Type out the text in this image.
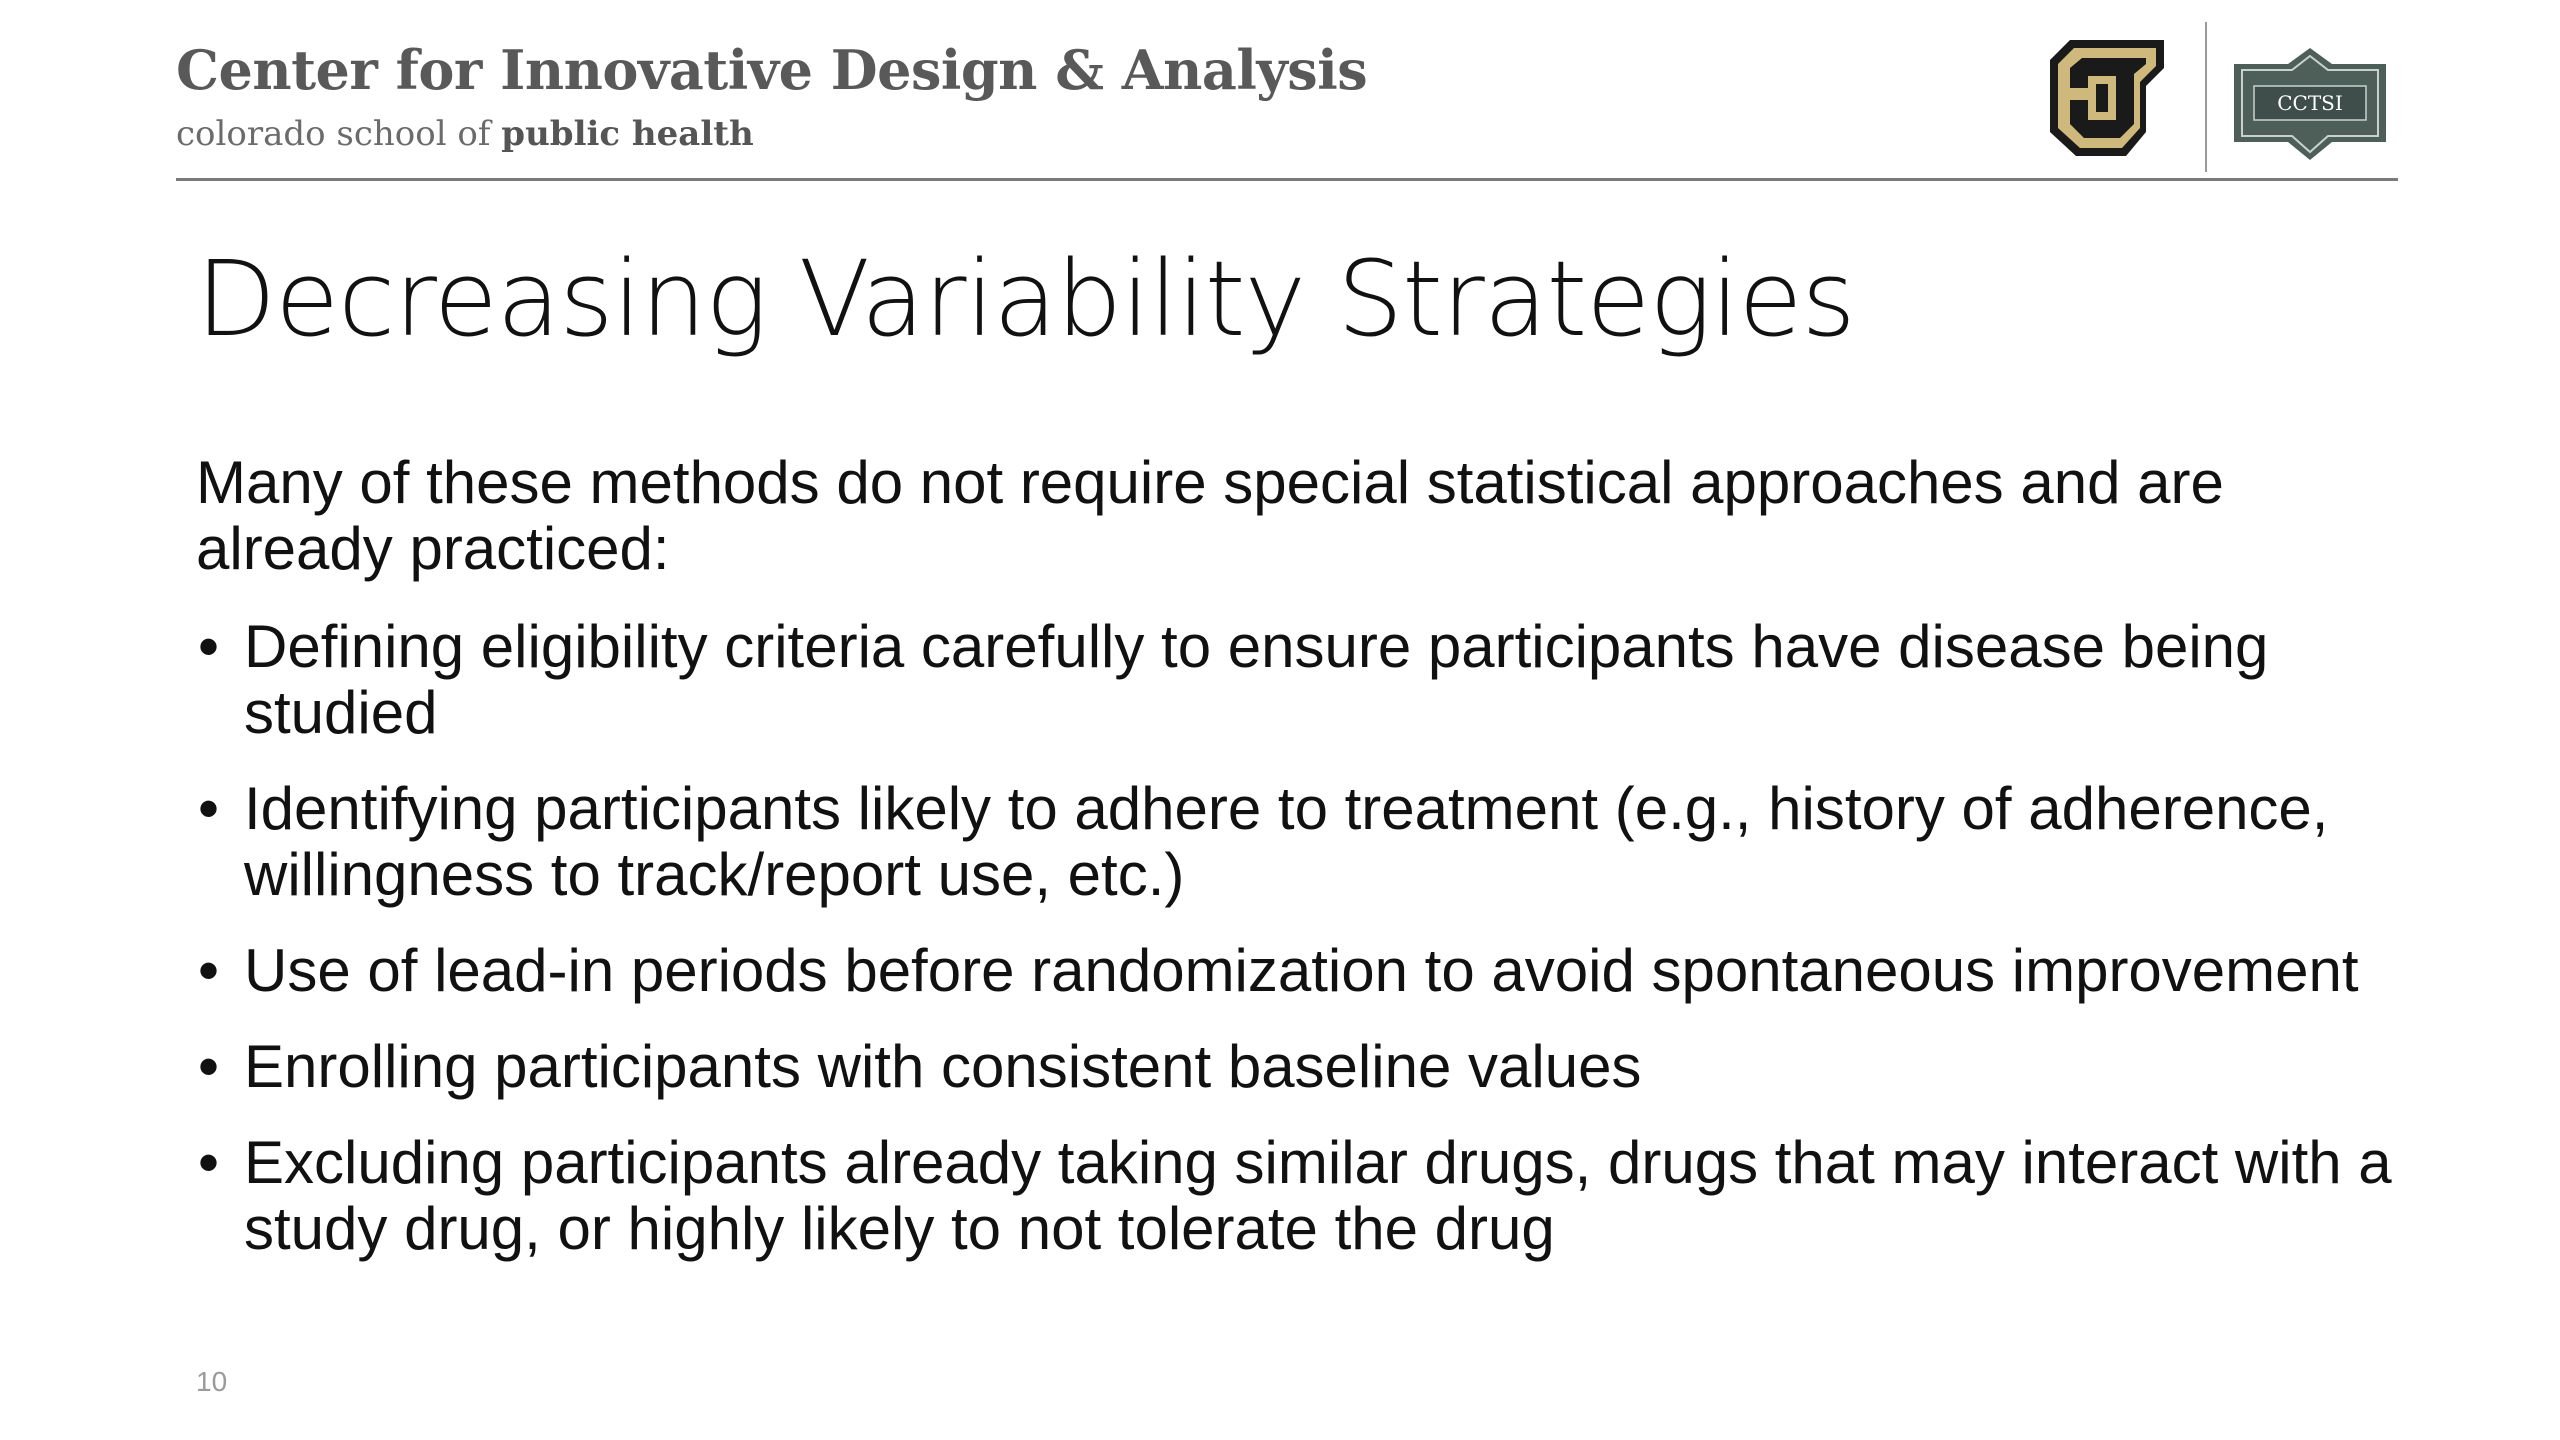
Center for Innovative Design & Analysis
colorado school of public health
CCTSI
Decreasing Variability Strategies
Many of these methods do not require special statistical approaches and are already practiced:
• Defining eligibility criteria carefully to ensure participants have disease being studied
• Identifying participants likely to adhere to treatment (e.g., history of adherence, willingness to track/report use, etc.)
• Use of lead-in periods before randomization to avoid spontaneous improvement
• Enrolling participants with consistent baseline values
• Excluding participants already taking similar drugs, drugs that may interact with a study drug, or highly likely to not tolerate the drug
10
